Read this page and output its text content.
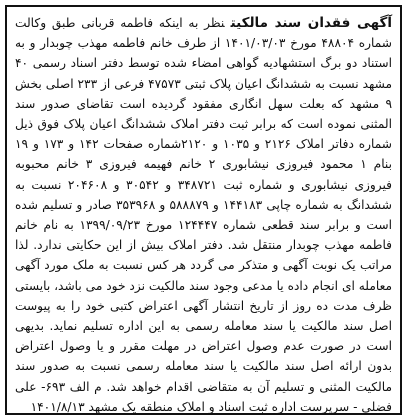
آگهی فقدان سند مالکیتنظر به اینکه فاطمه قربانی طبق وکالت شماره ۴۸۸۰۴ مورخ ۱۴۰۱/۰۳/۰۳ از طرف خانم فاطمه مهذب چوبدار و به استناد دو برگ استشهادیه گواهی امضاء شده توسط دفتر اسناد رسمی ۴۰ مشهد نسبت به ششدانگ اعیان پلاک ثبتی ۴۷۵۷۳ فرعی از ۲۳۳ اصلی بخش ۹ مشهد که بعلت سهل انگاری مفقود گردیده است تقاضای صدور سند المثنی نموده است که برابر ثبت دفتر املاک ششدانگ اعیان پلاک فوق ذیل شماره دفاتر املاک ۲۱۲۶ و ۱۰۳۵ و ۲۱۲۰شماره صفحات ۱۴۲ و ۱۷۳ و ۱۹ بنام ۱ محمود فیروزی نیشابوری ۲ خانم فهیمه فیروزی ۳ خانم محبوبه فیروزی نیشابوری و شماره ثبت ۳۴۸۷۲۱ و ۳۰۵۴۲ و ۲۰۴۶۰۸ نسبت به ششدانگ به شماره چاپی ۱۴۴۱۸۳ و ۵۸۸۸۷۹ و ۳۵۳۹۶۸ صادر و تسلیم شده است و برابر سند قطعی شماره ۱۲۴۴۴۷ مورخ ۱۳۹۹/۰۹/۲۳ به نام خانم فاطمه مهذب چوبدار منتقل شد. دفتر املاک بیش از این حکایتی ندارد. لذا مراتب یک نوبت آگهی و متذکر می گردد هر کس نسبت به ملک مورد آگهی معامله ای انجام داده یا مدعی وجود سند مالکیت نزد خود می باشد، بایستی ظرف مدت ده روز از تاریخ انتشار آگهی اعتراض کتبی خود را به پیوست اصل سند مالکیت یا سند معامله رسمی به این اداره تسلیم نماید. بدیهی است در صورت عدم وصول اعتراض در مهلت مقرر و یا وصول اعتراض بدون ارائه اصل سند مالکیت یا سند معامله رسمی نسبت به صدور سند مالکیت المثنی و تسلیم آن به متقاضی اقدام خواهد شد. م الف ۶۹۳- علی فضلی - سرپرست اداره ثبت اسناد و املاک منطقه یک مشهد ۱۴۰۱/۸/۱۳
